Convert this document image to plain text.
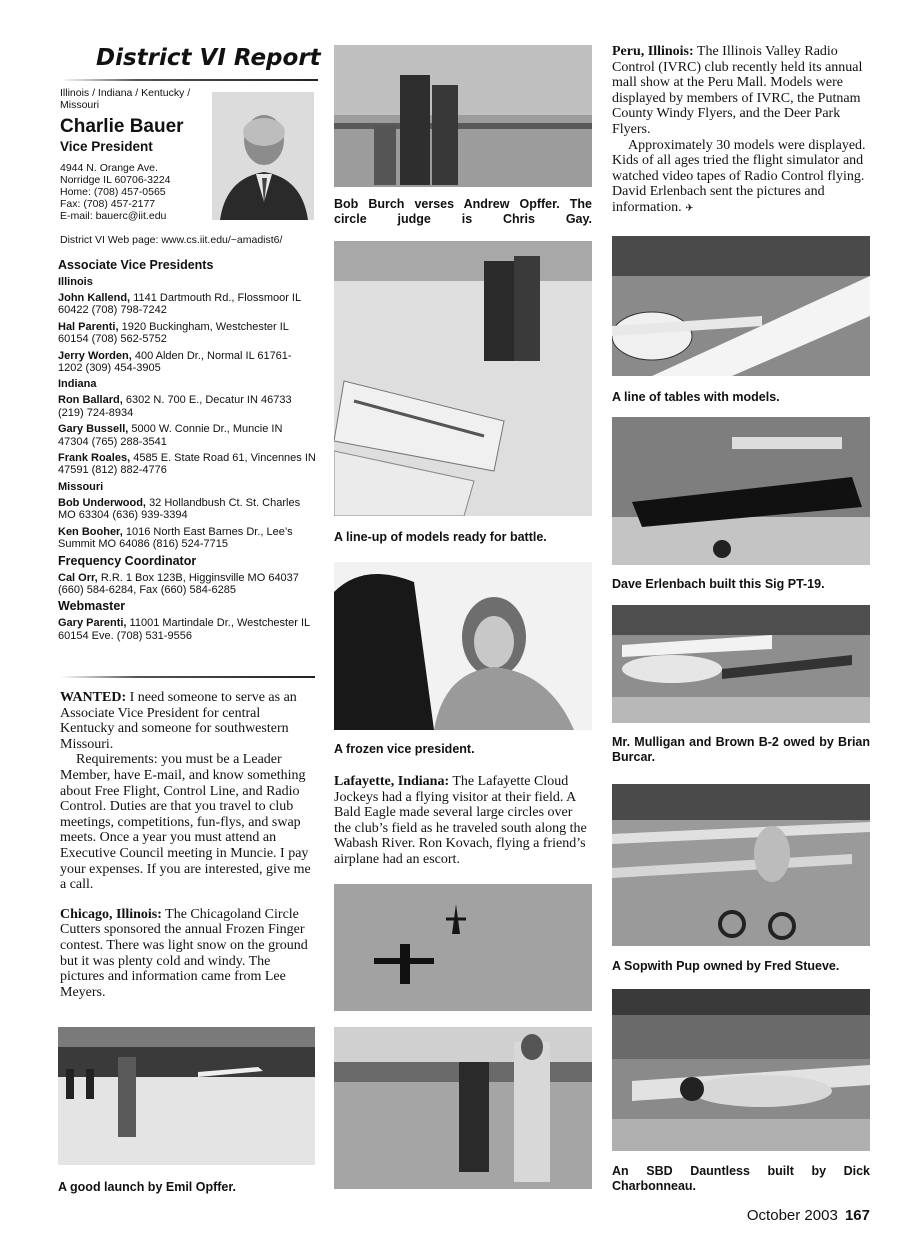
District VI Report
Illinois / Indiana / Kentucky / Missouri
Charlie Bauer
Vice President
4944 N. Orange Ave.
Norridge IL 60706-3224
Home: (708) 457-0565
Fax: (708) 457-2177
E-mail: bauerc@iit.edu
District VI Web page: www.cs.iit.edu/~amadist6/
Associate Vice Presidents
Illinois
John Kallend, 1141 Dartmouth Rd., Flossmoor IL 60422 (708) 798-7242
Hal Parenti, 1920 Buckingham, Westchester IL 60154 (708) 562-5752
Jerry Worden, 400 Alden Dr., Normal IL 61761-1202 (309) 454-3905
Indiana
Ron Ballard, 6302 N. 700 E., Decatur IN 46733 (219) 724-8934
Gary Bussell, 5000 W. Connie Dr., Muncie IN 47304 (765) 288-3541
Frank Roales, 4585 E. State Road 61, Vincennes IN 47591 (812) 882-4776
Missouri
Bob Underwood, 32 Hollandbush Ct. St. Charles MO 63304 (636) 939-3394
Ken Booher, 1016 North East Barnes Dr., Lee’s Summit MO 64086 (816) 524-7715
Frequency Coordinator
Cal Orr, R.R. 1 Box 123B, Higginsville MO 64037 (660) 584-6284, Fax (660) 584-6285
Webmaster
Gary Parenti, 11001 Martindale Dr., Westchester IL 60154 Eve. (708) 531-9556

WANTED: I need someone to serve as an Associate Vice President for central Kentucky and someone for southwestern Missouri.

Requirements: you must be a Leader Member, have E-mail, and know something about Free Flight, Control Line, and Radio Control. Duties are that you travel to club meetings, competitions, fun-flys, and swap meets. Once a year you must attend an Executive Council meeting in Muncie. I pay your expenses. If you are interested, give me a call.

Chicago, Illinois: The Chicagoland Circle Cutters sponsored the annual Frozen Finger contest. There was light snow on the ground but it was plenty cold and windy. The pictures and information came from Lee Meyers.

A good launch by Emil Opffer.
Bob Burch verses Andrew Opffer. The circle judge is Chris Gay.
A line-up of models ready for battle.
A frozen vice president.

Lafayette, Indiana: The Lafayette Cloud Jockeys had a flying visitor at their field. A Bald Eagle made several large circles over the club’s field as he traveled south along the Wabash River. Ron Kovach, flying a friend’s airplane had an escort.

Peru, Illinois: The Illinois Valley Radio Control (IVRC) club recently held its annual mall show at the Peru Mall. Models were displayed by members of IVRC, the Putnam County Windy Flyers, and the Deer Park Flyers.

Approximately 30 models were displayed. Kids of all ages tried the flight simulator and watched video tapes of Radio Control flying. David Erlenbach sent the pictures and information. ✈

A line of tables with models.
Dave Erlenbach built this Sig PT-19.
Mr. Mulligan and Brown B-2 owed by Brian Burcar.
A Sopwith Pup owned by Fred Stueve.
An SBD Dauntless built by Dick Charbonneau.
October 2003 167
